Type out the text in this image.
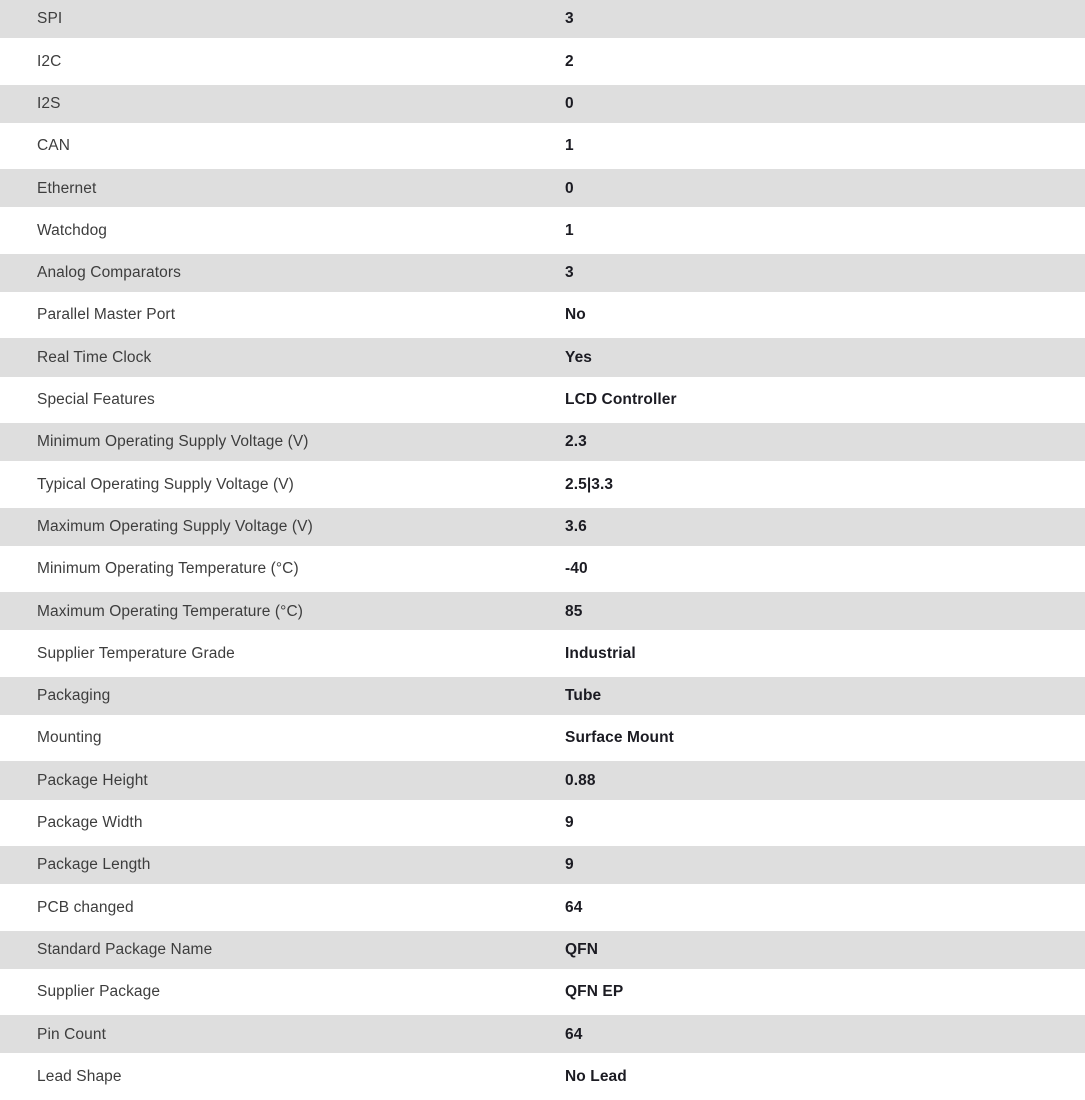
SPI	3
I2C	2
I2S	0
CAN	1
Ethernet	0
Watchdog	1
Analog Comparators	3
Parallel Master Port	No
Real Time Clock	Yes
Special Features	LCD Controller
Minimum Operating Supply Voltage (V)	2.3
Typical Operating Supply Voltage (V)	2.5|3.3
Maximum Operating Supply Voltage (V)	3.6
Minimum Operating Temperature (°C)	-40
Maximum Operating Temperature (°C)	85
Supplier Temperature Grade	Industrial
Packaging	Tube
Mounting	Surface Mount
Package Height	0.88
Package Width	9
Package Length	9
PCB changed	64
Standard Package Name	QFN
Supplier Package	QFN EP
Pin Count	64
Lead Shape	No Lead
